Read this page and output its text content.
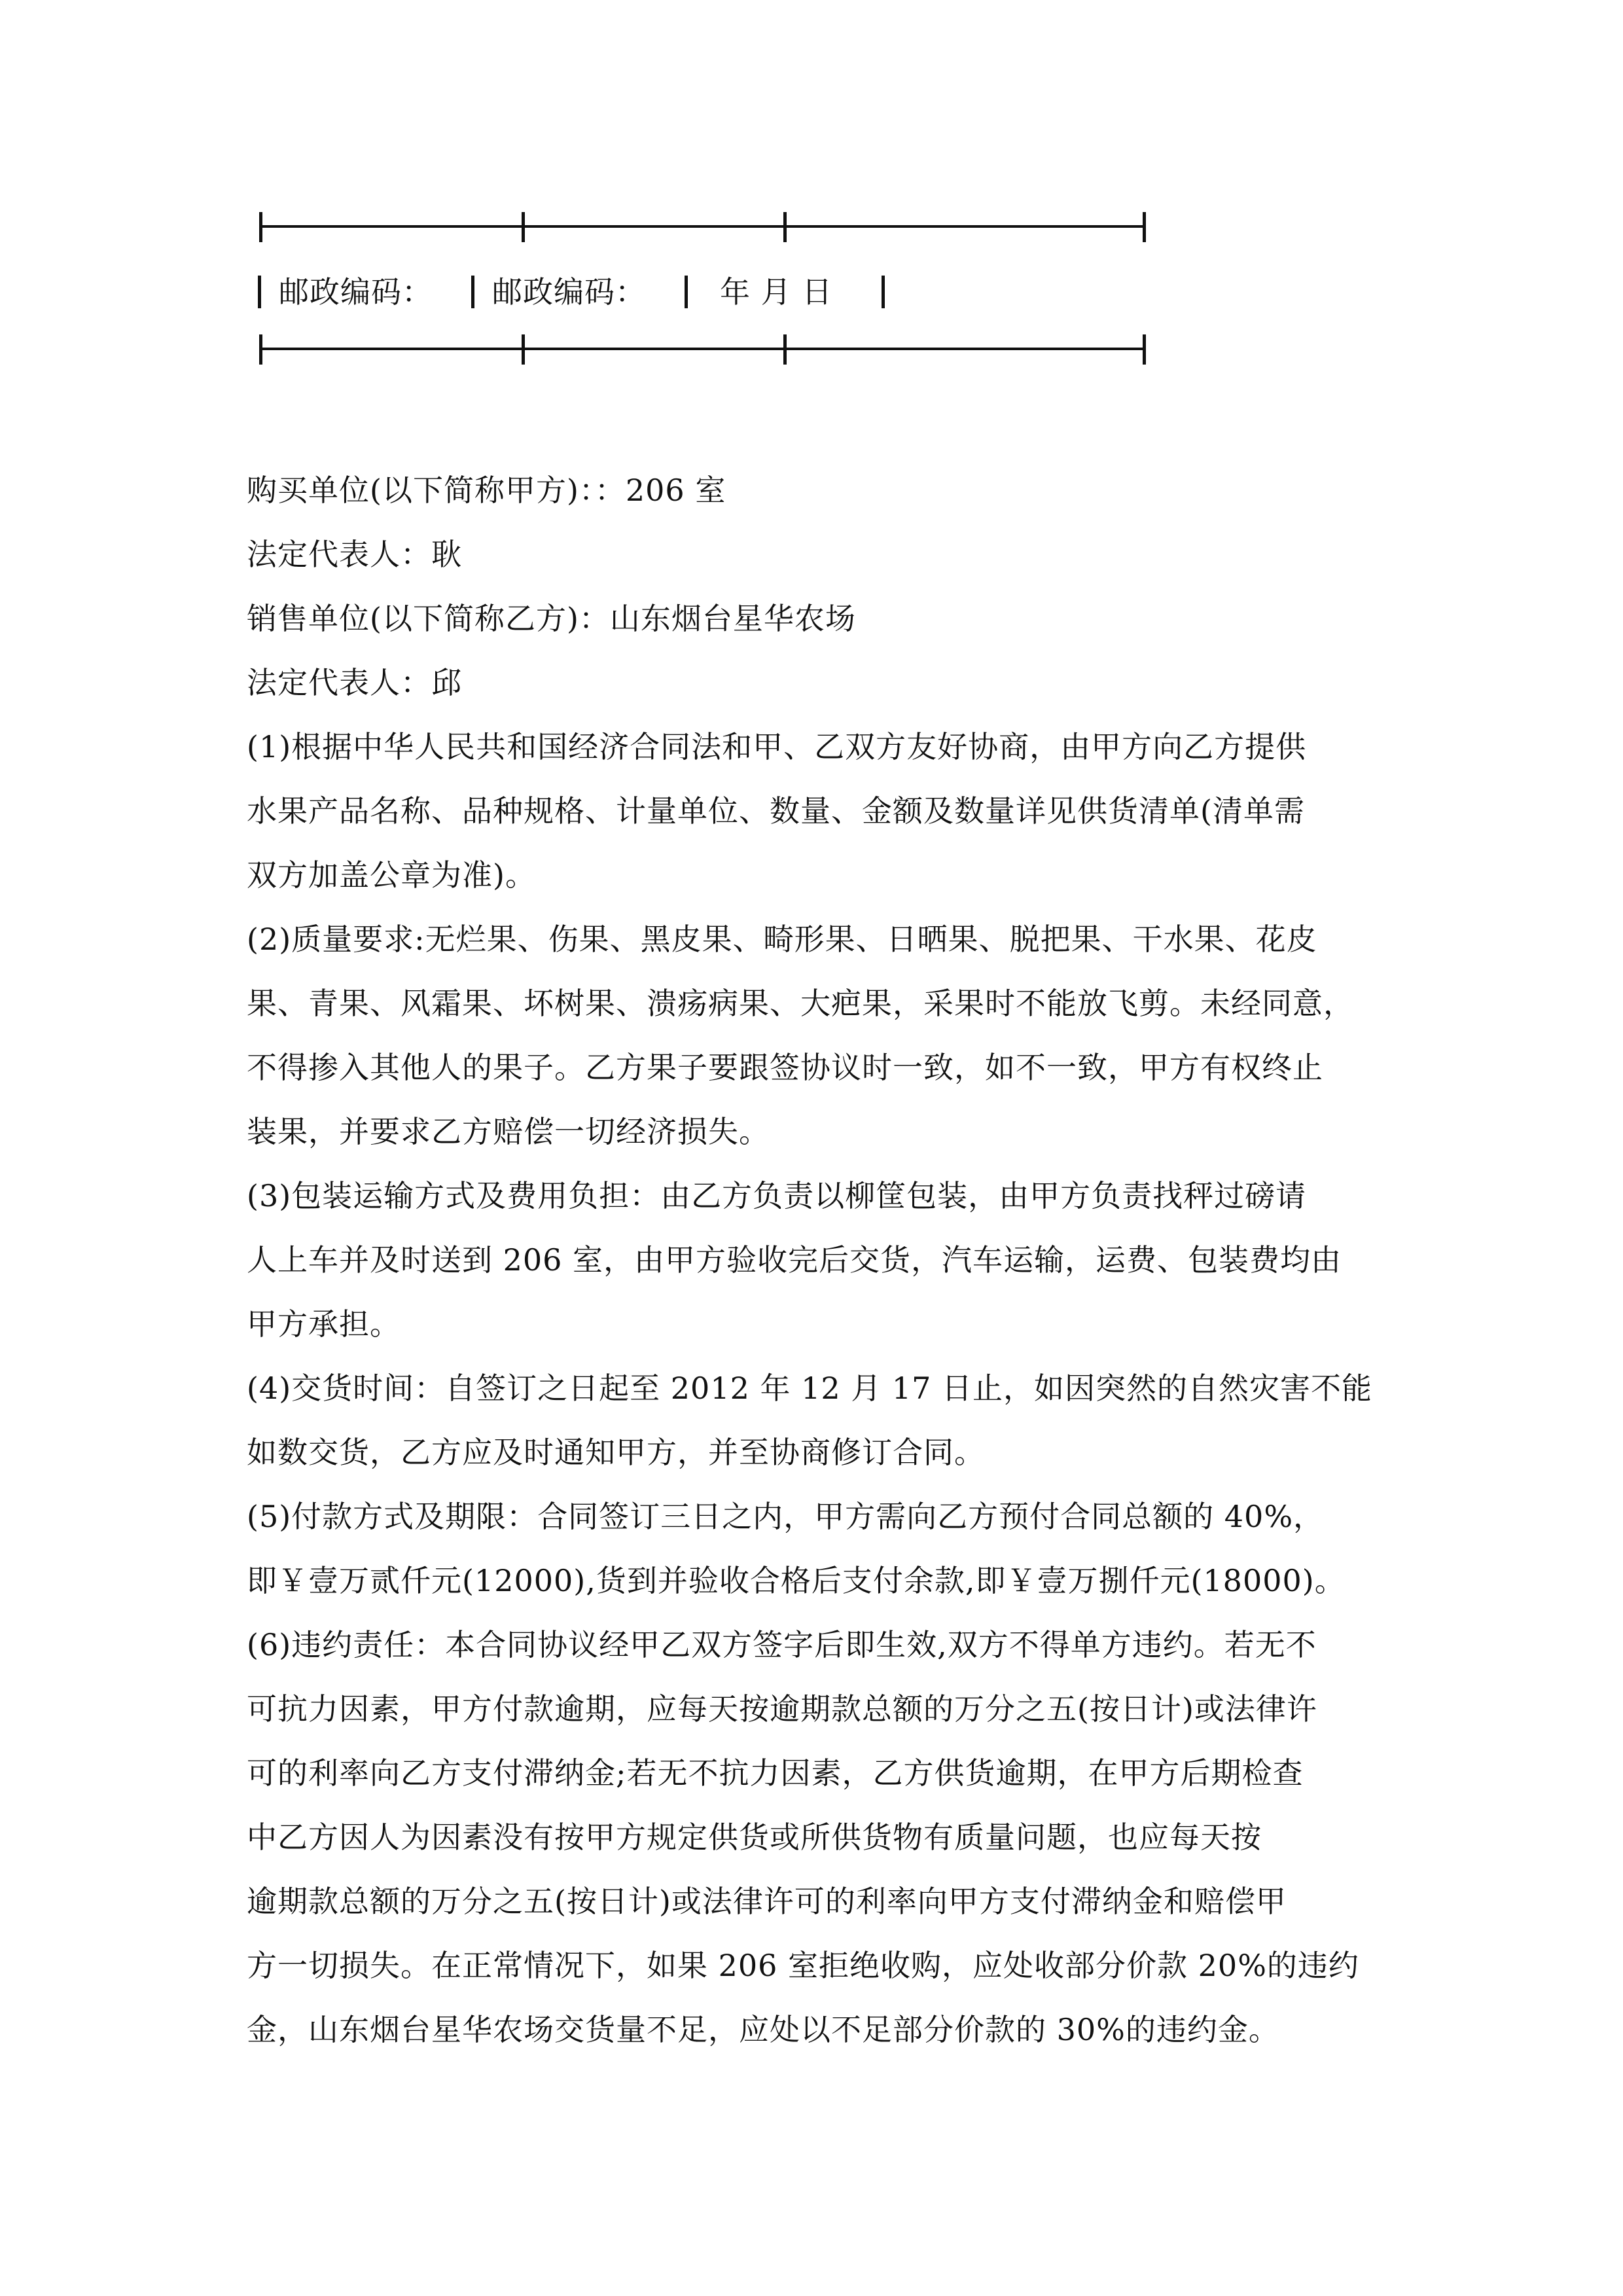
邮政编码： 邮政编码： 年 月 日
购买单位(以下简称甲方)：：206 室
法定代表人：耿
销售单位(以下简称乙方)：山东烟台星华农场
法定代表人：邱
(1)根据中华人民共和国经济合同法和甲、乙双方友好协商，由甲方向乙方提供
水果产品名称、品种规格、计量单位、数量、金额及数量详见供货清单(清单需
双方加盖公章为准)。
(2)质量要求:无烂果、伤果、黑皮果、畸形果、日晒果、脱把果、干水果、花皮
果、青果、风霜果、坏树果、溃疡病果、大疤果，采果时不能放飞剪。未经同意，
不得掺入其他人的果子。乙方果子要跟签协议时一致，如不一致，甲方有权终止
装果，并要求乙方赔偿一切经济损失。
(3)包装运输方式及费用负担：由乙方负责以柳筐包装，由甲方负责找秤过磅请
人上车并及时送到 206 室，由甲方验收完后交货，汽车运输，运费、包装费均由
甲方承担。
(4)交货时间：自签订之日起至 2012 年 12 月 17 日止，如因突然的自然灾害不能
如数交货，乙方应及时通知甲方，并至协商修订合同。
(5)付款方式及期限：合同签订三日之内，甲方需向乙方预付合同总额的 40%，
即￥壹万贰仟元(12000),货到并验收合格后支付余款,即￥壹万捌仟元(18000)。
(6)违约责任：本合同协议经甲乙双方签字后即生效,双方不得单方违约。若无不
可抗力因素，甲方付款逾期，应每天按逾期款总额的万分之五(按日计)或法律许
可的利率向乙方支付滞纳金;若无不抗力因素，乙方供货逾期，在甲方后期检查
中乙方因人为因素没有按甲方规定供货或所供货物有质量问题，也应每天按
逾期款总额的万分之五(按日计)或法律许可的利率向甲方支付滞纳金和赔偿甲
方一切损失。在正常情况下，如果 206 室拒绝收购，应处收部分价款 20%的违约
金，山东烟台星华农场交货量不足，应处以不足部分价款的 30%的违约金。
